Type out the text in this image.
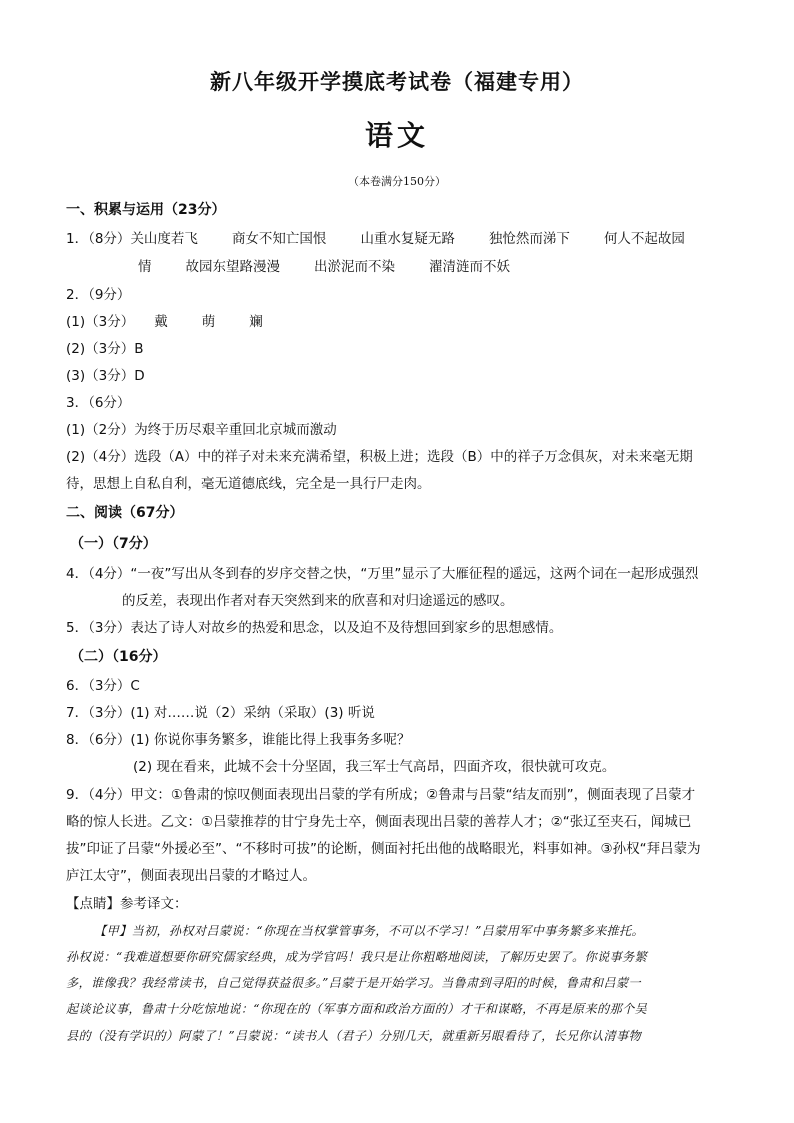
新八年级开学摸底考试卷（福建专用）
语文
（本卷满分150分）
一、积累与运用（23分）
1．（8分）关山度若飞	商女不知亡国恨	山重水复疑无路	独怆然而涕下	何人不起故园
情	故园东望路漫漫	出淤泥而不染	濯清涟而不妖
2．（9分）
(1)（3分） 戴	萌	斓
(2)（3分）B
(3)（3分）D
3．（6分）
(1)（2分）为终于历尽艰辛重回北京城而激动
(2)（4分）选段（A）中的祥子对未来充满希望，积极上进；选段（B）中的祥子万念俱灰，对未来毫无期
待，思想上自私自利，毫无道德底线，完全是一具行尸走肉。
二、阅读（67分）
（一）（7分）
4．（4分）“一夜”写出从冬到春的岁序交替之快，“万里”显示了大雁征程的遥远，这两个词在一起形成强烈
的反差，表现出作者对春天突然到来的欣喜和对归途遥远的感叹。
5．（3分）表达了诗人对故乡的热爱和思念，以及迫不及待想回到家乡的思想感情。
（二）（16分）
6．（3分）C
7．（3分）(1) 对……说（2）采纳（采取）(3) 听说
8．（6分）(1) 你说你事务繁多，谁能比得上我事务多呢？
(2) 现在看来，此城不会十分坚固，我三军士气高昂，四面齐攻，很快就可攻克。
9．（4分）甲文：①鲁肃的惊叹侧面表现出吕蒙的学有所成；②鲁肃与吕蒙“结友而别”，侧面表现了吕蒙才
略的惊人长进。乙文：①吕蒙推荐的甘宁身先士卒，侧面表现出吕蒙的善荐人才；②“张辽至夹石，闻城已
拔”印证了吕蒙“外援必至”、“不移时可拔”的论断，侧面衬托出他的战略眼光，料事如神。③孙权“拜吕蒙为
庐江太守”，侧面表现出吕蒙的才略过人。
【点睛】参考译文：
【甲】当初，孙权对吕蒙说：“你现在当权掌管事务，不可以不学习！”吕蒙用军中事务繁多来推托。
孙权说：“我难道想要你研究儒家经典，成为学官吗！我只是让你粗略地阅读，了解历史罢了。你说事务繁
多，谁像我？我经常读书，自己觉得获益很多。”吕蒙于是开始学习。当鲁肃到寻阳的时候，鲁肃和吕蒙一
起谈论议事，鲁肃十分吃惊地说：“你现在的（军事方面和政治方面的）才干和谋略，不再是原来的那个吴
县的（没有学识的）阿蒙了！”吕蒙说：“读书人（君子）分别几天，就重新另眼看待了，长兄你认清事物
